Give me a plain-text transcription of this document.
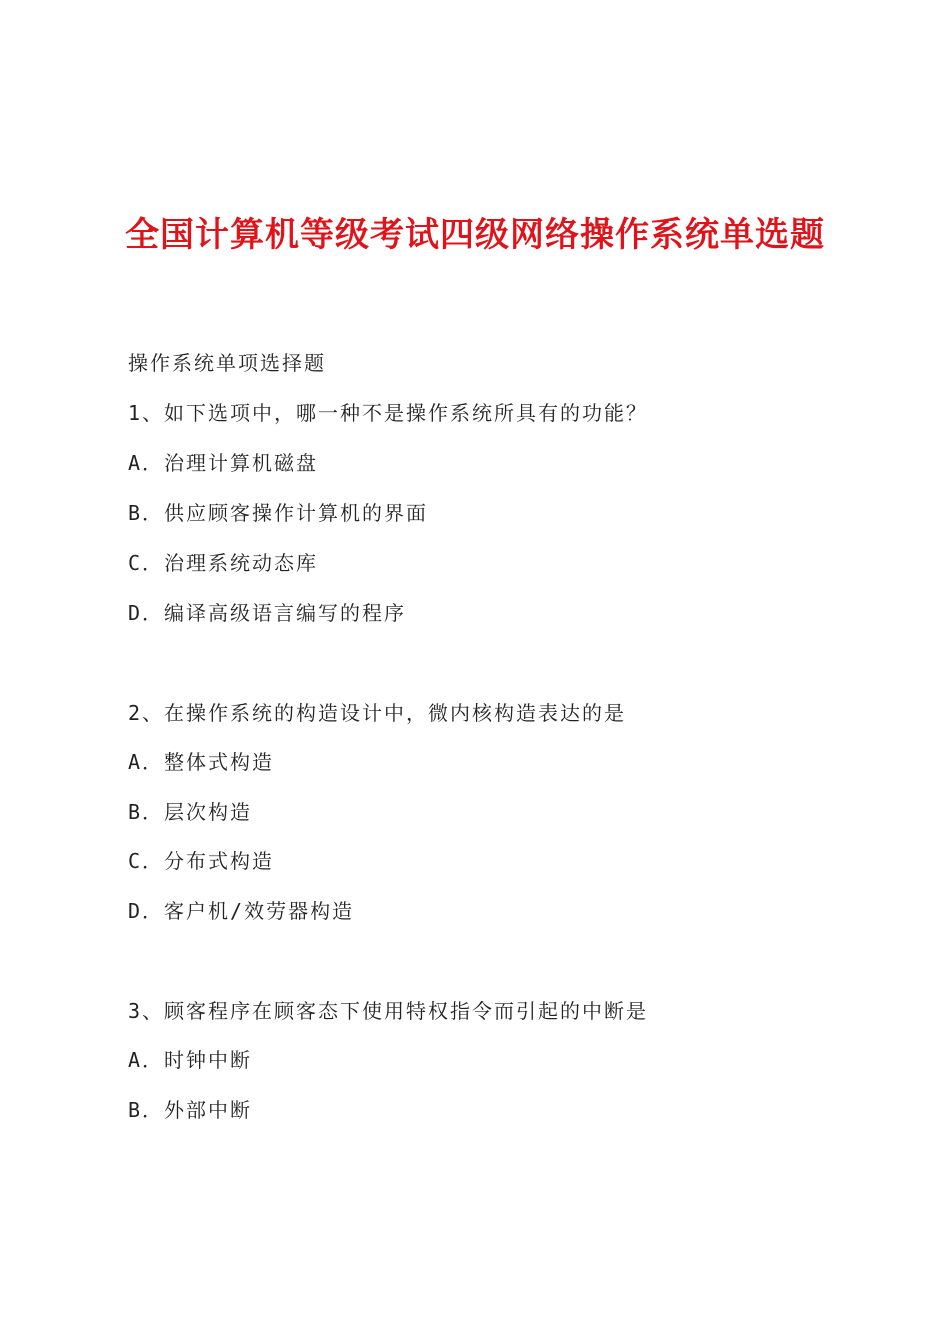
全国计算机等级考试四级网络操作系统单选题
操作系统单项选择题
1、如下选项中，哪一种不是操作系统所具有的功能？
A．治理计算机磁盘
B．供应顾客操作计算机的界面
C．治理系统动态库
D．编译高级语言编写的程序
2、在操作系统的构造设计中，微内核构造表达的是
A．整体式构造
B．层次构造
C．分布式构造
D．客户机/效劳器构造
3、顾客程序在顾客态下使用特权指令而引起的中断是
A．时钟中断
B．外部中断
